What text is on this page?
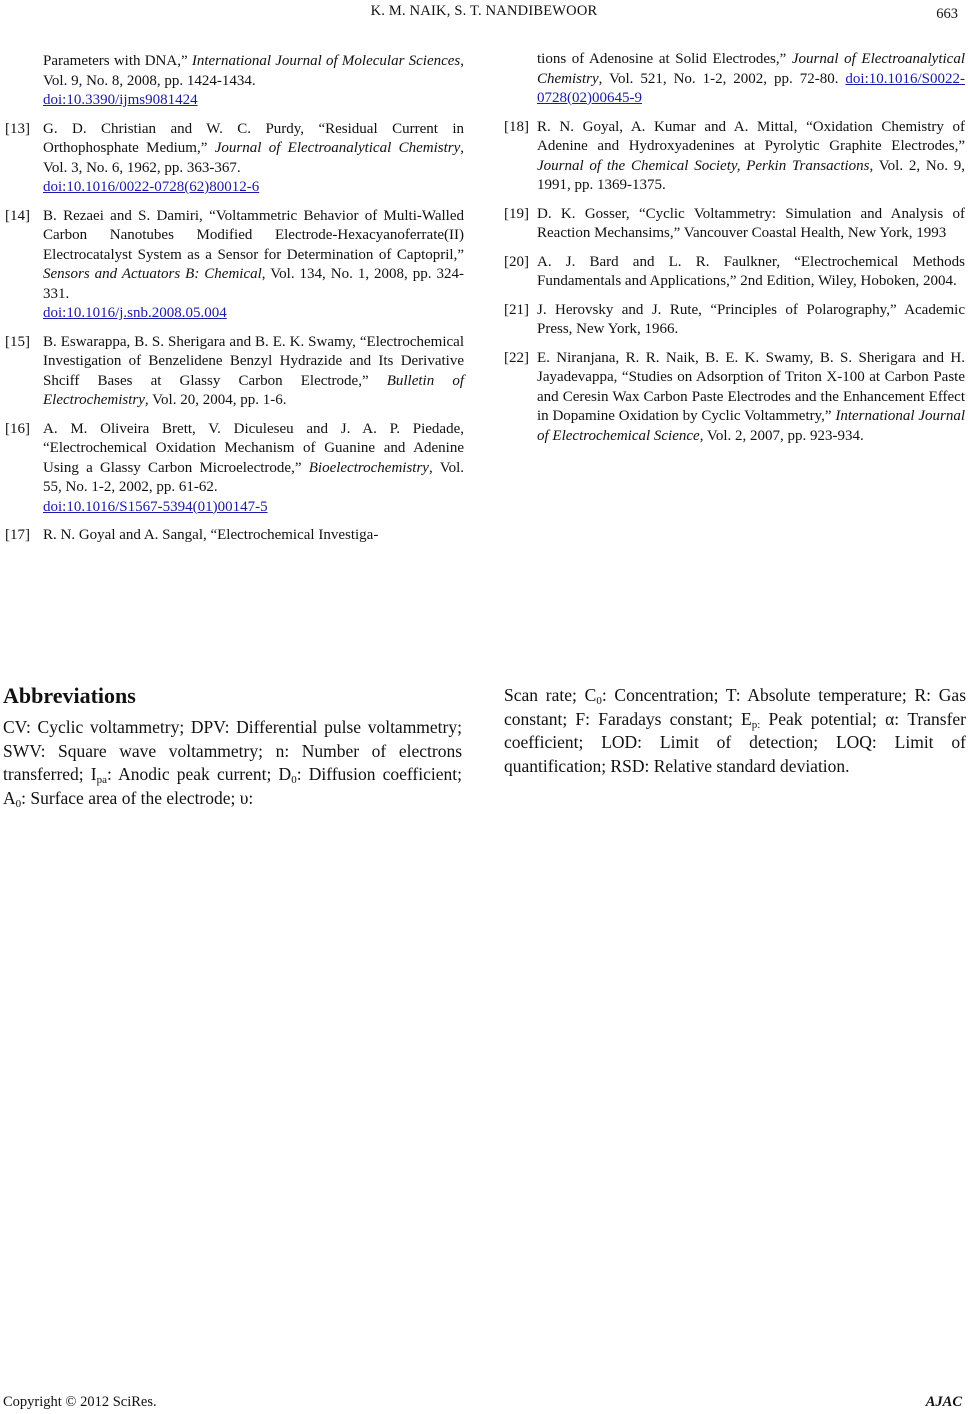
K. M. NAIK, S. T. NANDIBEWOOR	663
Parameters with DNA,” International Journal of Molecular Sciences, Vol. 9, No. 8, 2008, pp. 1424-1434.
doi:10.3390/ijms9081424
[13] G. D. Christian and W. C. Purdy, “Residual Current in Orthophosphate Medium,” Journal of Electroanalytical Chemistry, Vol. 3, No. 6, 1962, pp. 363-367.
doi:10.1016/0022-0728(62)80012-6
[14] B. Rezaei and S. Damiri, “Voltammetric Behavior of Multi-Walled Carbon Nanotubes Modified Electrode-Hexacyanoferrate(II) Electrocatalyst System as a Sensor for Determination of Captopril,” Sensors and Actuators B: Chemical, Vol. 134, No. 1, 2008, pp. 324-331.
doi:10.1016/j.snb.2008.05.004
[15] B. Eswarappa, B. S. Sherigara and B. E. K. Swamy, “Electrochemical Investigation of Benzelidene Benzyl Hydrazide and Its Derivative Shciff Bases at Glassy Carbon Electrode,” Bulletin of Electrochemistry, Vol. 20, 2004, pp. 1-6.
[16] A. M. Oliveira Brett, V. Diculeseu and J. A. P. Piedade, “Electrochemical Oxidation Mechanism of Guanine and Adenine Using a Glassy Carbon Microelectrode,” Bioelectrochemistry, Vol. 55, No. 1-2, 2002, pp. 61-62.
doi:10.1016/S1567-5394(01)00147-5
[17] R. N. Goyal and A. Sangal, “Electrochemical Investiga-
tions of Adenosine at Solid Electrodes,” Journal of Electroanalytical Chemistry, Vol. 521, No. 1-2, 2002, pp. 72-80. doi:10.1016/S0022-0728(02)00645-9
[18] R. N. Goyal, A. Kumar and A. Mittal, “Oxidation Chemistry of Adenine and Hydroxyadenines at Pyrolytic Graphite Electrodes,” Journal of the Chemical Society, Perkin Transactions, Vol. 2, No. 9, 1991, pp. 1369-1375.
[19] D. K. Gosser, “Cyclic Voltammetry: Simulation and Analysis of Reaction Mechansims,” Vancouver Coastal Health, New York, 1993
[20] A. J. Bard and L. R. Faulkner, “Electrochemical Methods Fundamentals and Applications,” 2nd Edition, Wiley, Hoboken, 2004.
[21] J. Herovsky and J. Rute, “Principles of Polarography,” Academic Press, New York, 1966.
[22] E. Niranjana, R. R. Naik, B. E. K. Swamy, B. S. Sherigara and H. Jayadevappa, “Studies on Adsorption of Triton X-100 at Carbon Paste and Ceresin Wax Carbon Paste Electrodes and the Enhancement Effect in Dopamine Oxidation by Cyclic Voltammetry,” International Journal of Electrochemical Science, Vol. 2, 2007, pp. 923-934.
Abbreviations
CV: Cyclic voltammetry; DPV: Differential pulse voltammetry; SWV: Square wave voltammetry; n: Number of electrons transferred; $I_{pa}$: Anodic peak current; $D_0$: Diffusion coefficient; $A_0$: Surface area of the electrode; υ:
Scan rate; $C_0$: Concentration; T: Absolute temperature; R: Gas constant; F: Faradays constant; $E_{p:}$ Peak potential; α: Transfer coefficient; LOD: Limit of detection; LOQ: Limit of quantification; RSD: Relative standard deviation.
Copyright © 2012 SciRes.	AJAC
